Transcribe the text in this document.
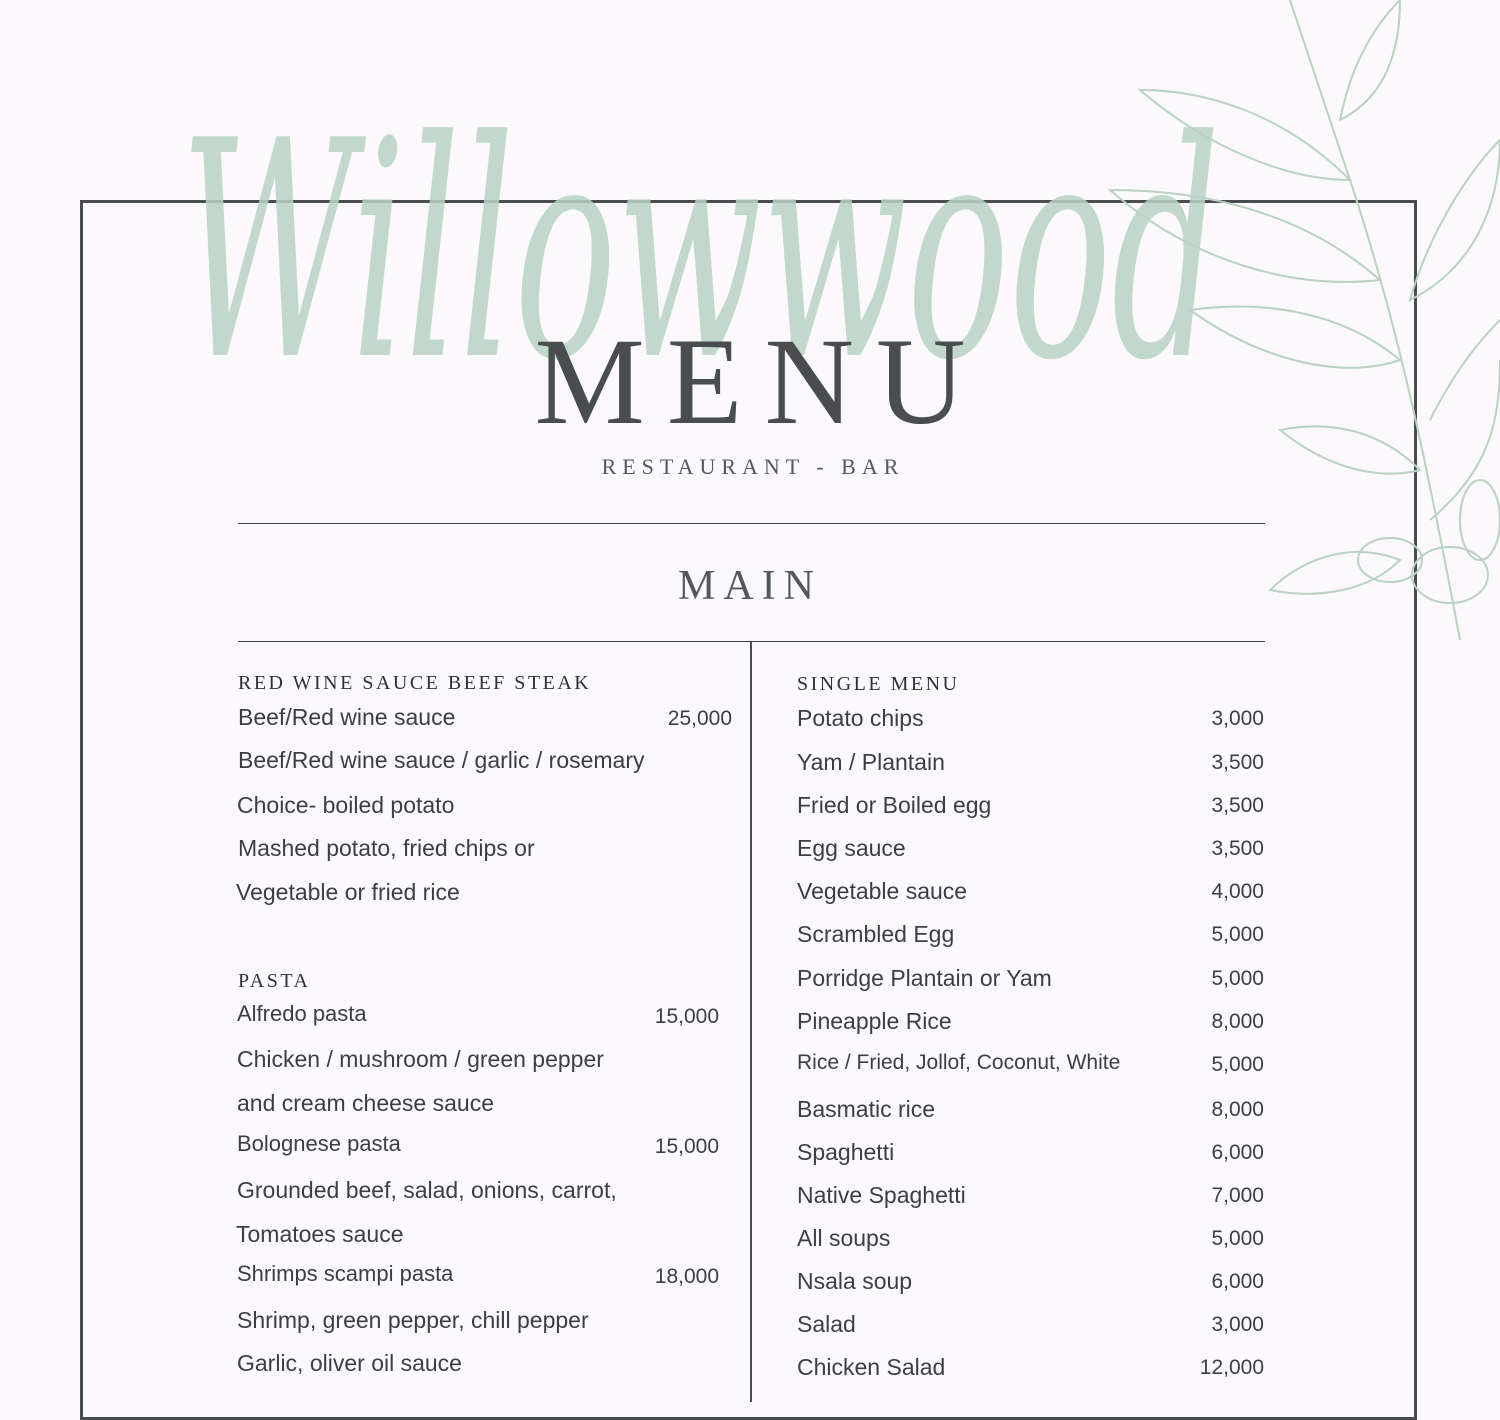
Willowwood
MENU
RESTAURANT - BAR
MAIN
RED WINE SAUCE BEEF STEAK
Beef/Red wine sauce	25,000
Beef/Red wine sauce / garlic / rosemary
Choice- boiled potato
Mashed potato, fried chips or
Vegetable or fried rice
PASTA
Alfredo pasta	15,000
Chicken / mushroom / green pepper
and cream cheese sauce
Bolognese pasta	15,000
Grounded beef, salad, onions, carrot,
Tomatoes sauce
Shrimps scampi pasta	18,000
Shrimp, green pepper, chill pepper
Garlic, oliver oil sauce
SINGLE MENU
Potato chips	3,000
Yam / Plantain	3,500
Fried or Boiled egg	3,500
Egg sauce	3,500
Vegetable sauce	4,000
Scrambled Egg	5,000
Porridge Plantain or Yam	5,000
Pineapple Rice	8,000
Rice / Fried, Jollof, Coconut, White	5,000
Basmatic rice	8,000
Spaghetti	6,000
Native Spaghetti	7,000
All soups	5,000
Nsala soup	6,000
Salad	3,000
Chicken Salad	12,000
